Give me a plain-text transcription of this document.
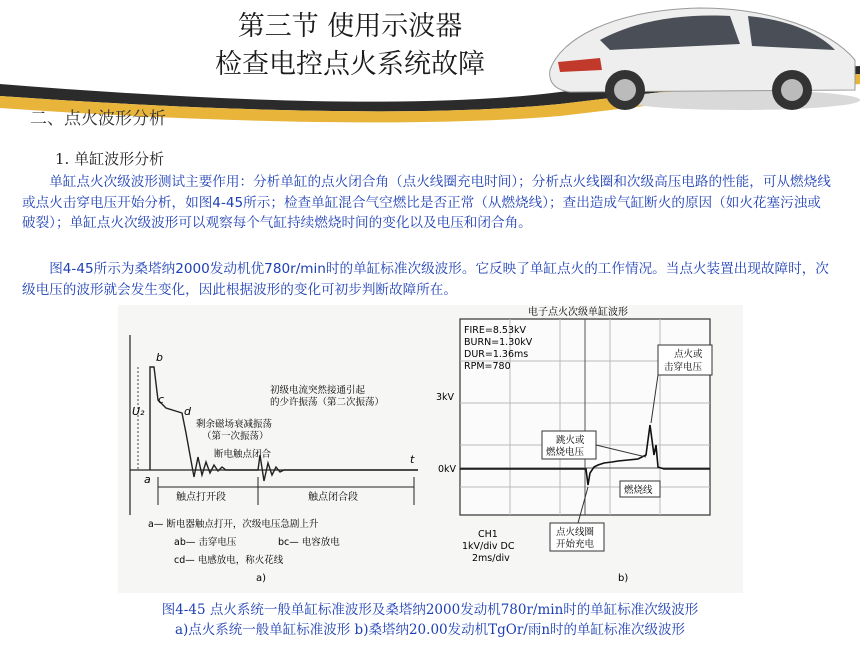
第三节 使用示波器
检查电控点火系统故障
二、点火波形分析
1. 单缸波形分析
单缸点火次级波形测试主要作用：分析单缸的点火闭合角（点火线圈充电时间）；分析点火线圈和次级高压电路的性能，可从燃烧线或点火击穿电压开始分析，如图4-45所示；检查单缸混合气空燃比是否正常（从燃烧线）；查出造成气缸断火的原因（如火花塞污浊或破裂）；单缸点火次级波形可以观察每个气缸持续燃烧时间的变化以及电压和闭合角。
图4-45所示为桑塔纳2000发动机优780r/min时的单缸标准次级波形。它反映了单缸点火的工作情况。当点火装置出现故障时，次级电压的波形就会发生变化，因此根据波形的变化可初步判断故障所在。
U₂
b
c
d
a
t
初级电流突然接通引起
的少许振荡（第二次振荡）
剩余磁场衰减振荡
（第一次振荡）
断电触点闭合
触点打开段	触点闭合段
a— 断电器触点打开，次级电压急剧上升
ab— 击穿电压	bc— 电容放电
cd— 电感放电，称火花线
a)
电子点火次级单缸波形
FIRE=8.53kV
BURN=1.30kV
DUR=1.36ms
RPM=780
3kV
0kV
点火或
击穿电压
跳火或
燃烧电压
燃烧线
点火线圈
开始充电
CH1
1kV/div DC
2ms/div
b)
图4-45 点火系统一般单缸标准波形及桑塔纳2000发动机780r/min时的单缸标准次级波形
a)点火系统一般单缸标准波形 b)桑塔纳20.00发动机TgOr/雨n时的单缸标准次级波形
